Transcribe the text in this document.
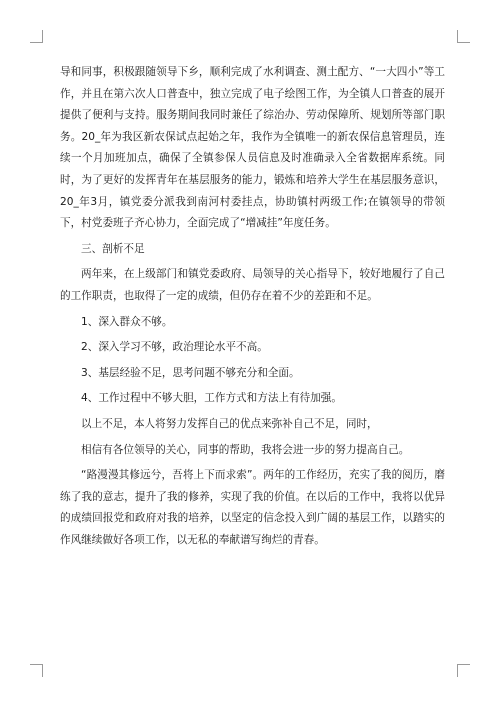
导和同事，积极跟随领导下乡，顺利完成了水利调查、测土配方、“一大四小”等工作，并且在第六次人口普查中，独立完成了电子绘图工作，为全镇人口普查的展开提供了便利与支持。服务期间我同时兼任了综治办、劳动保障所、规划所等部门职务。20_年为我区新农保试点起始之年，我作为全镇唯一的新农保信息管理员，连续一个月加班加点，确保了全镇参保人员信息及时准确录入全省数据库系统。同时，为了更好的发挥青年在基层服务的能力，锻炼和培养大学生在基层服务意识，20_年3月，镇党委分派我到南河村委挂点，协助镇村两级工作;在镇领导的带领下，村党委班子齐心协力，全面完成了“增减挂”年度任务。

三、剖析不足

两年来，在上级部门和镇党委政府、局领导的关心指导下，较好地履行了自己的工作职责，也取得了一定的成绩，但仍存在着不少的差距和不足。

1、深入群众不够。

2、深入学习不够，政治理论水平不高。

3、基层经验不足，思考问题不够充分和全面。

4、工作过程中不够大胆，工作方式和方法上有待加强。

以上不足，本人将努力发挥自己的优点来弥补自己不足，同时，

相信有各位领导的关心，同事的帮助，我将会进一步的努力提高自己。

“路漫漫其修远兮，吾将上下而求索”。两年的工作经历，充实了我的阅历，磨练了我的意志，提升了我的修养，实现了我的价值。在以后的工作中，我将以优异的成绩回报党和政府对我的培养，以坚定的信念投入到广阔的基层工作，以踏实的作风继续做好各项工作，以无私的奉献谱写绚烂的青春。
